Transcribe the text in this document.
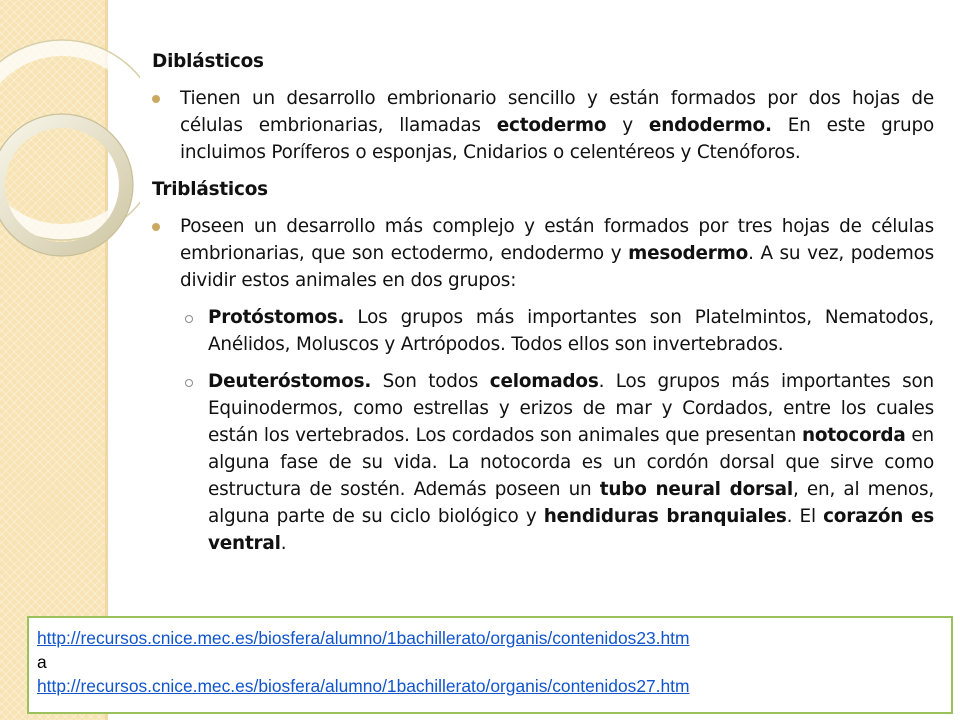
Diblásticos

Tienen un desarrollo embrionario sencillo y están formados por dos hojas de células embrionarias, llamadas ectodermo y endodermo. En este grupo incluimos Poríferos o esponjas, Cnidarios o celentéreos y Ctenóforos.

Triblásticos

Poseen un desarrollo más complejo y están formados por tres hojas de células embrionarias, que son ectodermo, endodermo y mesodermo. A su vez, podemos dividir estos animales en dos grupos:

Protóstomos. Los grupos más importantes son Platelmintos, Nematodos, Anélidos, Moluscos y Artrópodos. Todos ellos son invertebrados.

Deuteróstomos. Son todos celomados. Los grupos más importantes son Equinodermos, como estrellas y erizos de mar y Cordados, entre los cuales están los vertebrados. Los cordados son animales que presentan notocorda en alguna fase de su vida. La notocorda es un cordón dorsal que sirve como estructura de sostén. Además poseen un tubo neural dorsal, en, al menos, alguna parte de su ciclo biológico y hendiduras branquiales. El corazón es ventral.

http://recursos.cnice.mec.es/biosfera/alumno/1bachillerato/organis/contenidos23.htm
a
http://recursos.cnice.mec.es/biosfera/alumno/1bachillerato/organis/contenidos27.htm
